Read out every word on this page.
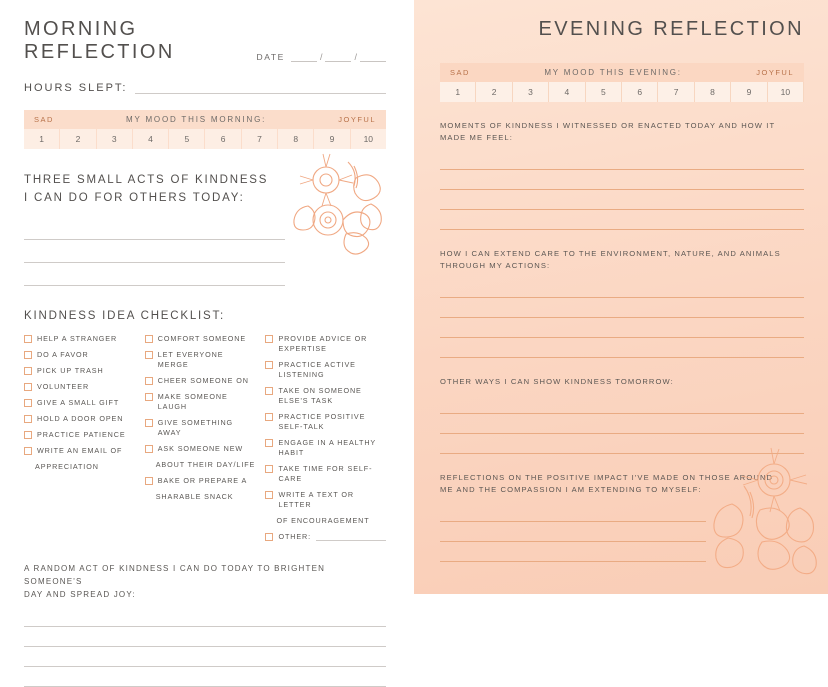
MORNING REFLECTION	DATE	/	/
HOURS SLEPT:
SAD	MY MOOD THIS MORNING:	JOYFUL
1	2	3	4	5	6	7	8	9	10
THREE SMALL ACTS OF KINDNESS
I CAN DO FOR OTHERS TODAY:
KINDNESS IDEA CHECKLIST:
HELP A STRANGER
DO A FAVOR
PICK UP TRASH
VOLUNTEER
GIVE A SMALL GIFT
HOLD A DOOR OPEN
PRACTICE PATIENCE
WRITE AN EMAIL OF
APPRECIATION
COMFORT SOMEONE
LET EVERYONE MERGE
CHEER SOMEONE ON
MAKE SOMEONE LAUGH
GIVE SOMETHING AWAY
ASK SOMEONE NEW
ABOUT THEIR DAY/LIFE
BAKE OR PREPARE A
SHARABLE SNACK
PROVIDE ADVICE OR EXPERTISE
PRACTICE ACTIVE LISTENING
TAKE ON SOMEONE ELSE'S TASK
PRACTICE POSITIVE SELF-TALK
ENGAGE IN A HEALTHY HABIT
TAKE TIME FOR SELF-CARE
WRITE A TEXT OR LETTER
OF ENCOURAGEMENT
OTHER:
A RANDOM ACT OF KINDNESS I CAN DO TODAY TO BRIGHTEN SOMEONE'S
DAY AND SPREAD JOY:
EVENING REFLECTION
SAD	MY MOOD THIS EVENING:	JOYFUL
1	2	3	4	5	6	7	8	9	10
MOMENTS OF KINDNESS I WITNESSED OR ENACTED TODAY AND HOW IT
MADE ME FEEL:
HOW I CAN EXTEND CARE TO THE ENVIRONMENT, NATURE, AND ANIMALS
THROUGH MY ACTIONS:
OTHER WAYS I CAN SHOW KINDNESS TOMORROW:
REFLECTIONS ON THE POSITIVE IMPACT I'VE MADE ON THOSE AROUND
ME AND THE COMPASSION I AM EXTENDING TO MYSELF:
